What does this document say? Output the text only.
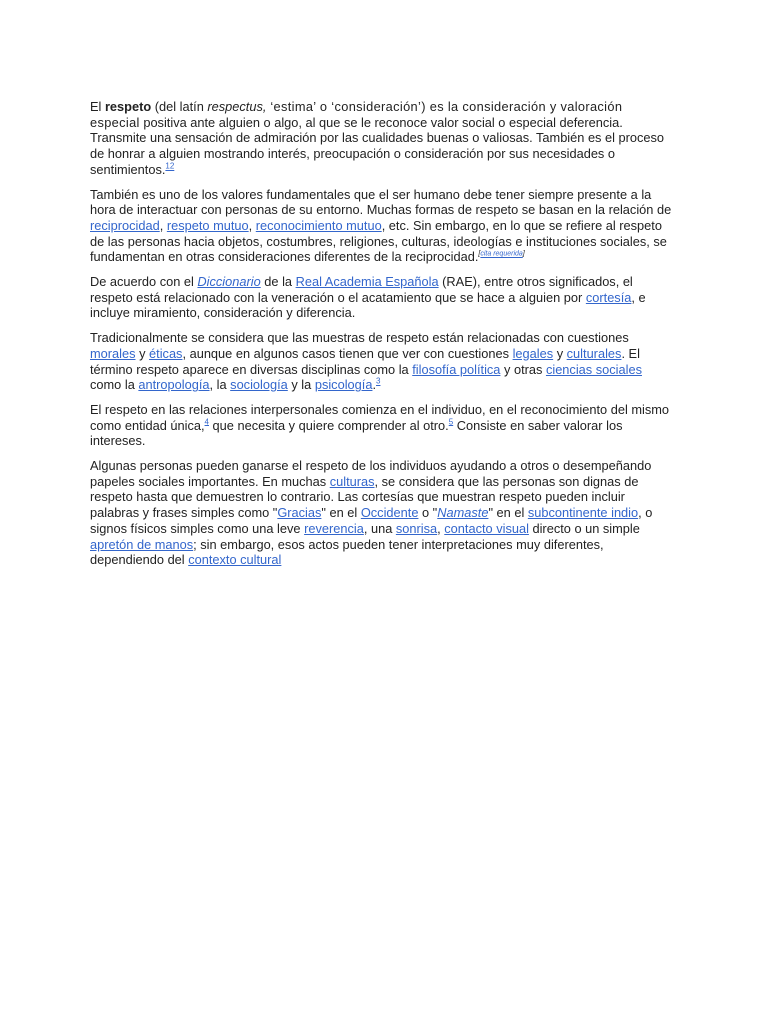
El respeto (del latín respectus, ‘estima’ o ‘consideración’) es la consideración y valoración especial positiva ante alguien o algo, al que se le reconoce valor social o especial deferencia. Transmite una sensación de admiración por las cualidades buenas o valiosas. También es el proceso de honrar a alguien mostrando interés, preocupación o consideración por sus necesidades o sentimientos.$^{12}$

También es uno de los valores fundamentales que el ser humano debe tener siempre presente a la hora de interactuar con personas de su entorno. Muchas formas de respeto se basan en la relación de reciprocidad, respeto mutuo, reconocimiento mutuo, etc. Sin embargo, en lo que se refiere al respeto de las personas hacia objetos, costumbres, religiones, culturas, ideologías e instituciones sociales, se fundamentan en otras consideraciones diferentes de la reciprocidad.[cita requerida]

De acuerdo con el Diccionario de la Real Academia Española (RAE), entre otros significados, el respeto está relacionado con la veneración o el acatamiento que se hace a alguien por cortesía, e incluye miramiento, consideración y diferencia.

Tradicionalmente se considera que las muestras de respeto están relacionadas con cuestiones morales y éticas, aunque en algunos casos tienen que ver con cuestiones legales y culturales. El término respeto aparece en diversas disciplinas como la filosofía política y otras ciencias sociales como la antropología, la sociología y la psicología.$^3$

El respeto en las relaciones interpersonales comienza en el individuo, en el reconocimiento del mismo como entidad única,$^4$ que necesita y quiere comprender al otro.$^5$ Consiste en saber valorar los intereses.

Algunas personas pueden ganarse el respeto de los individuos ayudando a otros o desempeñando papeles sociales importantes. En muchas culturas, se considera que las personas son dignas de respeto hasta que demuestren lo contrario. Las cortesías que muestran respeto pueden incluir palabras y frases simples como "Gracias" en el Occidente o "Namaste" en el subcontinente indio, o signos físicos simples como una leve reverencia, una sonrisa, contacto visual directo o un simple apretón de manos; sin embargo, esos actos pueden tener interpretaciones muy diferentes, dependiendo del contexto cultural
